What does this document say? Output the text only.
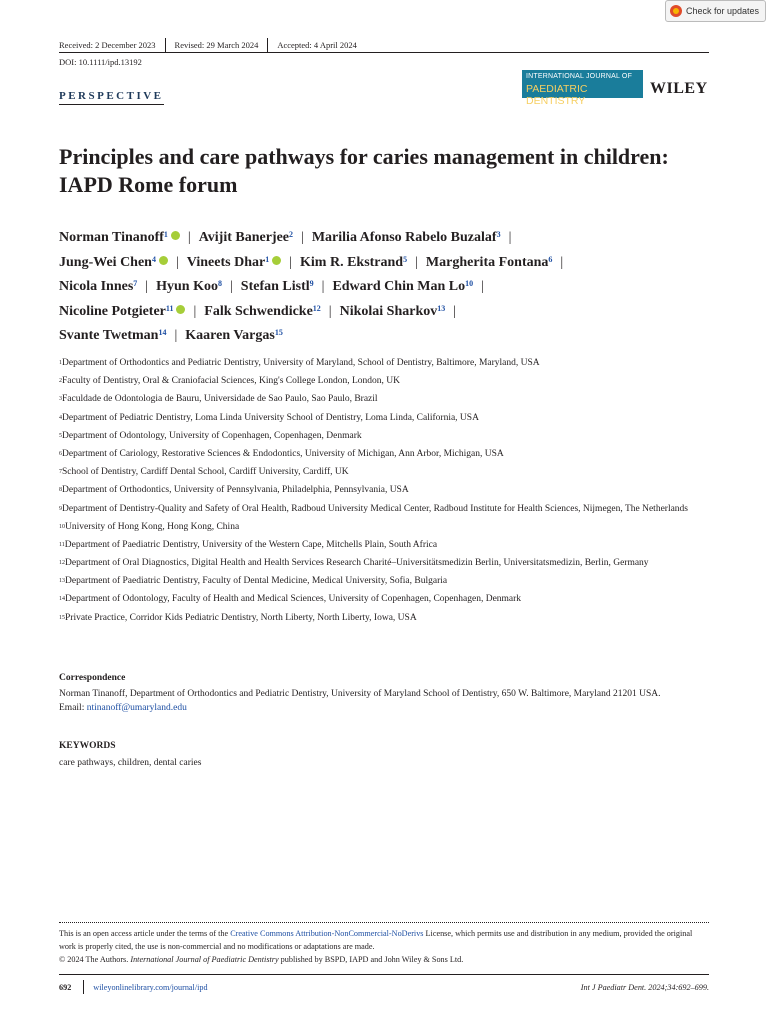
Check for updates
Received: 2 December 2023 Revised: 29 March 2024 Accepted: 4 April 2024
DOI: 10.1111/ipd.13192
PERSPECTIVE
INTERNATIONAL JOURNAL OF
PAEDIATRIC DENTISTRY
WILEY
Principles and care pathways for caries management in children: IAPD Rome forum
Norman Tinanoff$^1$ iD | Avijit Banerjee$^2$ | Marilia Afonso Rabelo Buzalaf$^3$ |
Jung-Wei Chen$^4$ iD | Vineets Dhar$^1$ iD | Kim R. Ekstrand$^5$ | Margherita Fontana$^6$ |
Nicola Innes$^7$ | Hyun Koo$^8$ | Stefan Listl$^9$ | Edward Chin Man Lo$^{10}$ |
Nicoline Potgieter$^{11}$ iD | Falk Schwendicke$^{12}$ | Nikolai Sharkov$^{13}$ |
Svante Twetman$^{14}$ | Kaaren Vargas$^{15}$
$^1$Department of Orthodontics and Pediatric Dentistry, University of Maryland, School of Dentistry, Baltimore, Maryland, USA
$^2$Faculty of Dentistry, Oral & Craniofacial Sciences, King's College London, London, UK
$^3$Faculdade de Odontologia de Bauru, Universidade de Sao Paulo, Sao Paulo, Brazil
$^4$Department of Pediatric Dentistry, Loma Linda University School of Dentistry, Loma Linda, California, USA
$^5$Department of Odontology, University of Copenhagen, Copenhagen, Denmark
$^6$Department of Cariology, Restorative Sciences & Endodontics, University of Michigan, Ann Arbor, Michigan, USA
$^7$School of Dentistry, Cardiff Dental School, Cardiff University, Cardiff, UK
$^8$Department of Orthodontics, University of Pennsylvania, Philadelphia, Pennsylvania, USA
$^9$Department of Dentistry-Quality and Safety of Oral Health, Radboud University Medical Center, Radboud Institute for Health Sciences, Nijmegen, The Netherlands
$^{10}$University of Hong Kong, Hong Kong, China
$^{11}$Department of Paediatric Dentistry, University of the Western Cape, Mitchells Plain, South Africa
$^{12}$Department of Oral Diagnostics, Digital Health and Health Services Research Charité–Universitätsmedizin Berlin, Universitatsmedizin, Berlin, Germany
$^{13}$Department of Paediatric Dentistry, Faculty of Dental Medicine, Medical University, Sofia, Bulgaria
$^{14}$Department of Odontology, Faculty of Health and Medical Sciences, University of Copenhagen, Copenhagen, Denmark
$^{15}$Private Practice, Corridor Kids Pediatric Dentistry, North Liberty, North Liberty, Iowa, USA
Correspondence
Norman Tinanoff, Department of Orthodontics and Pediatric Dentistry, University of Maryland School of Dentistry, 650 W. Baltimore, Maryland 21201 USA.
Email: ntinanoff@umaryland.edu
KEYWORDS
care pathways, children, dental caries
This is an open access article under the terms of the Creative Commons Attribution-NonCommercial-NoDerivs License, which permits use and distribution in any medium, provided the original work is properly cited, the use is non-commercial and no modifications or adaptations are made.
© 2024 The Authors. International Journal of Paediatric Dentistry published by BSPD, IAPD and John Wiley & Sons Ltd.
692	wileyonlinelibrary.com/journal/ipd	Int J Paediatr Dent. 2024;34:692–699.
